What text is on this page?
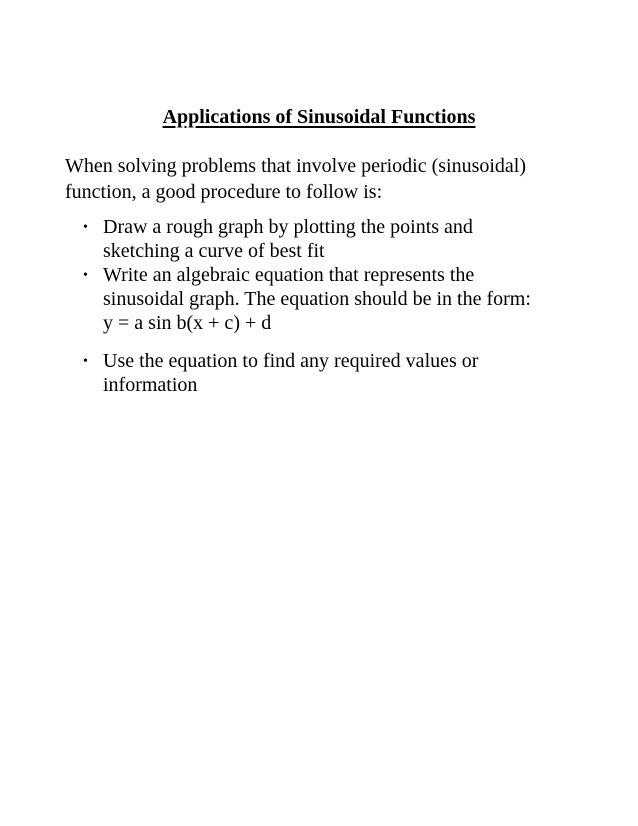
Applications of Sinusoidal Functions
When solving problems that involve periodic (sinusoidal)
function, a good procedure to follow is:
• Draw a rough graph by plotting the points and
sketching a curve of best fit
• Write an algebraic equation that represents the
sinusoidal graph. The equation should be in the form:
y = a sin b(x + c) + d
• Use the equation to find any required values or
information
